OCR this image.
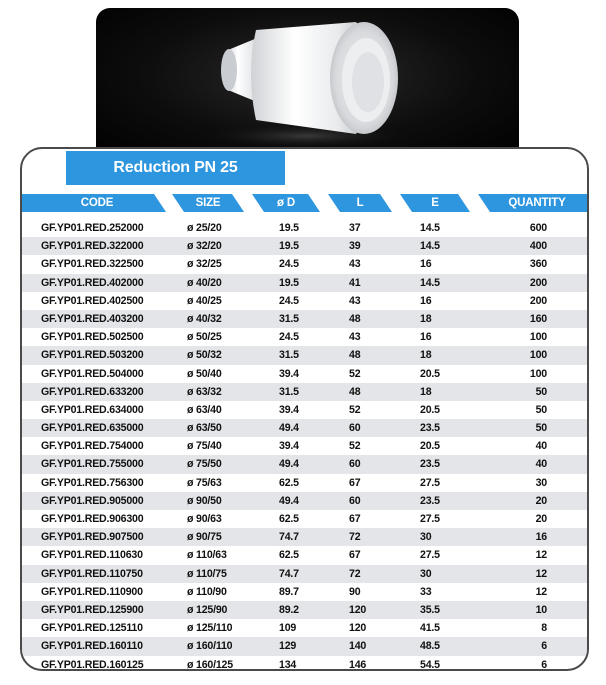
Reduction PN 25
CODE	SIZE	ø D	L	E	QUANTITY
GF.YP01.RED.252000	ø 25/20	19.5	37	14.5	600
GF.YP01.RED.322000	ø 32/20	19.5	39	14.5	400
GF.YP01.RED.322500	ø 32/25	24.5	43	16	360
GF.YP01.RED.402000	ø 40/20	19.5	41	14.5	200
GF.YP01.RED.402500	ø 40/25	24.5	43	16	200
GF.YP01.RED.403200	ø 40/32	31.5	48	18	160
GF.YP01.RED.502500	ø 50/25	24.5	43	16	100
GF.YP01.RED.503200	ø 50/32	31.5	48	18	100
GF.YP01.RED.504000	ø 50/40	39.4	52	20.5	100
GF.YP01.RED.633200	ø 63/32	31.5	48	18	50
GF.YP01.RED.634000	ø 63/40	39.4	52	20.5	50
GF.YP01.RED.635000	ø 63/50	49.4	60	23.5	50
GF.YP01.RED.754000	ø 75/40	39.4	52	20.5	40
GF.YP01.RED.755000	ø 75/50	49.4	60	23.5	40
GF.YP01.RED.756300	ø 75/63	62.5	67	27.5	30
GF.YP01.RED.905000	ø 90/50	49.4	60	23.5	20
GF.YP01.RED.906300	ø 90/63	62.5	67	27.5	20
GF.YP01.RED.907500	ø 90/75	74.7	72	30	16
GF.YP01.RED.110630	ø 110/63	62.5	67	27.5	12
GF.YP01.RED.110750	ø 110/75	74.7	72	30	12
GF.YP01.RED.110900	ø 110/90	89.7	90	33	12
GF.YP01.RED.125900	ø 125/90	89.2	120	35.5	10
GF.YP01.RED.125110	ø 125/110	109	120	41.5	8
GF.YP01.RED.160110	ø 160/110	129	140	48.5	6
GF.YP01.RED.160125	ø 160/125	134	146	54.5	6
